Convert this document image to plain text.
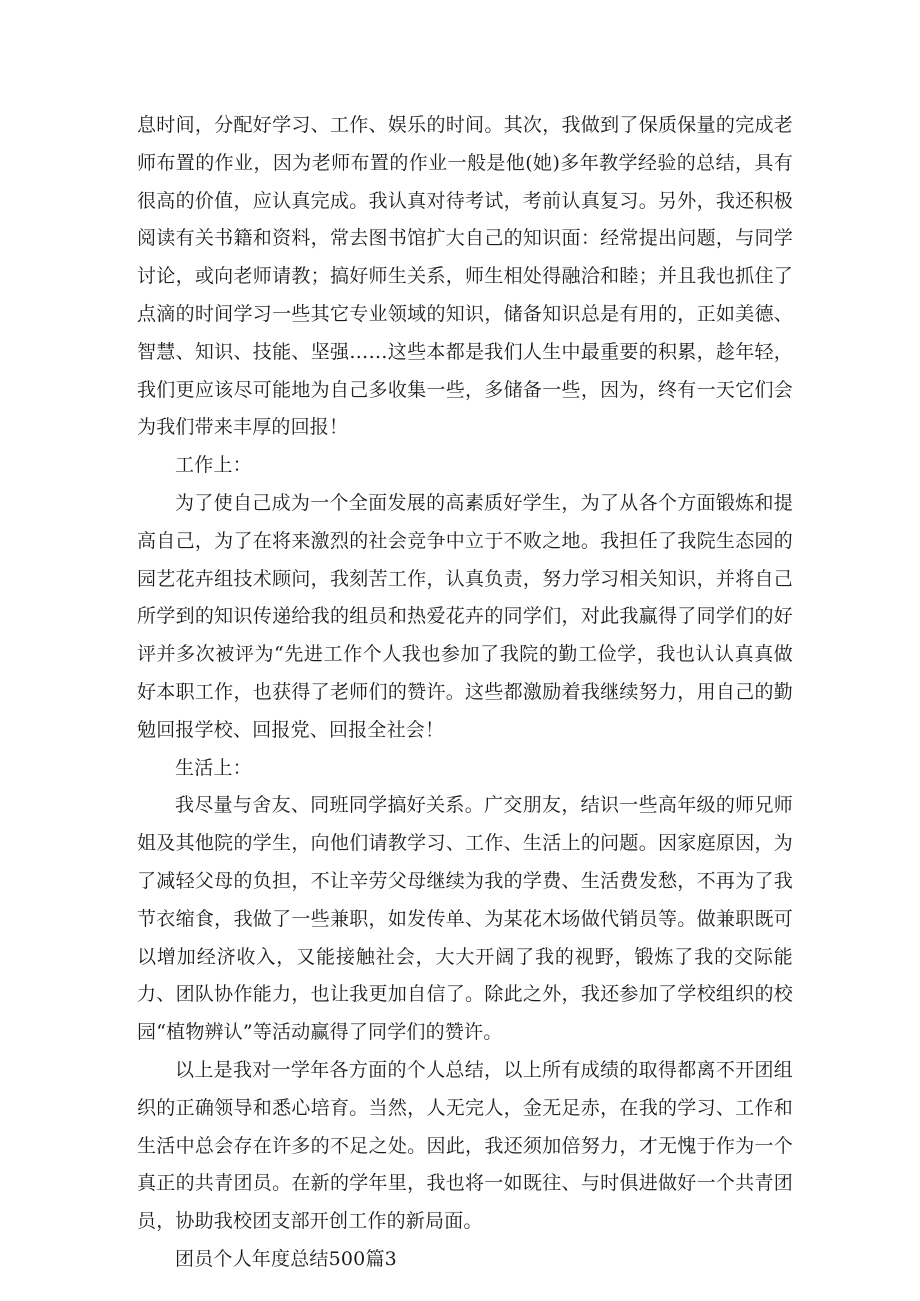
息时间，分配好学习、工作、娱乐的时间。其次，我做到了保质保量的完成老师布置的作业，因为老师布置的作业一般是他(她)多年教学经验的总结，具有很高的价值，应认真完成。我认真对待考试，考前认真复习。另外，我还积极阅读有关书籍和资料，常去图书馆扩大自己的知识面：经常提出问题，与同学讨论，或向老师请教；搞好师生关系，师生相处得融洽和睦；并且我也抓住了点滴的时间学习一些其它专业领域的知识，储备知识总是有用的，正如美德、智慧、知识、技能、坚强……这些本都是我们人生中最重要的积累，趁年轻，我们更应该尽可能地为自己多收集一些，多储备一些，因为，终有一天它们会为我们带来丰厚的回报！

工作上：

为了使自己成为一个全面发展的高素质好学生，为了从各个方面锻炼和提高自己，为了在将来激烈的社会竞争中立于不败之地。我担任了我院生态园的园艺花卉组技术顾问，我刻苦工作，认真负责，努力学习相关知识，并将自己所学到的知识传递给我的组员和热爱花卉的同学们，对此我赢得了同学们的好评并多次被评为“先进工作个人我也参加了我院的勤工俭学，我也认认真真做好本职工作，也获得了老师们的赞许。这些都激励着我继续努力，用自己的勤勉回报学校、回报党、回报全社会！

生活上：

我尽量与舍友、同班同学搞好关系。广交朋友，结识一些高年级的师兄师姐及其他院的学生，向他们请教学习、工作、生活上的问题。因家庭原因，为了减轻父母的负担，不让辛劳父母继续为我的学费、生活费发愁，不再为了我节衣缩食，我做了一些兼职，如发传单、为某花木场做代销员等。做兼职既可以增加经济收入，又能接触社会，大大开阔了我的视野，锻炼了我的交际能力、团队协作能力，也让我更加自信了。除此之外，我还参加了学校组织的校园“植物辨认”等活动赢得了同学们的赞许。

以上是我对一学年各方面的个人总结，以上所有成绩的取得都离不开团组织的正确领导和悉心培育。当然，人无完人，金无足赤，在我的学习、工作和生活中总会存在许多的不足之处。因此，我还须加倍努力，才无愧于作为一个真正的共青团员。在新的学年里，我也将一如既往、与时俱进做好一个共青团员，协助我校团支部开创工作的新局面。

团员个人年度总结500篇3
